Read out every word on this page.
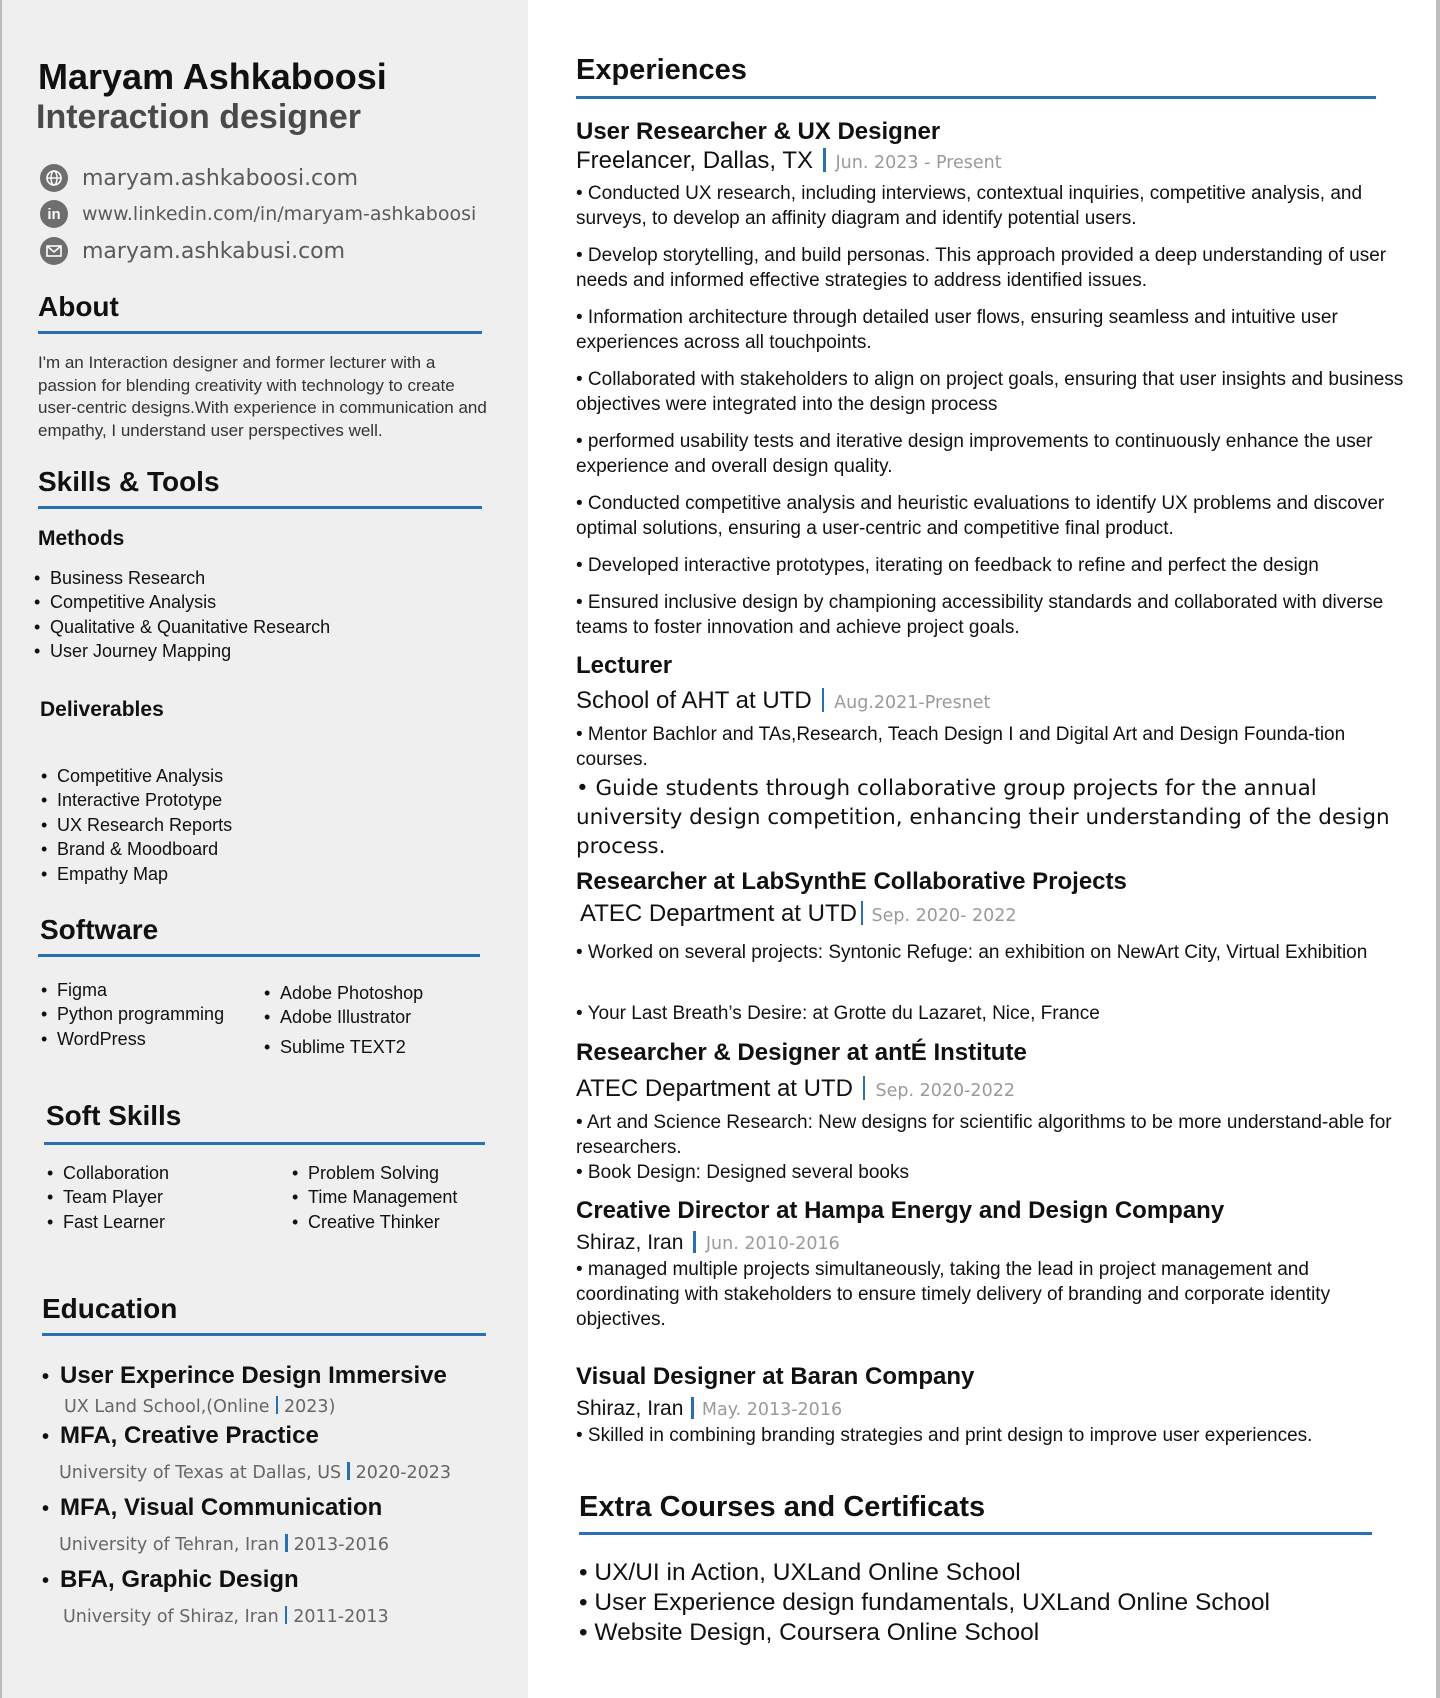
Maryam Ashkaboosi
Interaction designer
maryam.ashkaboosi.com
in	www.linkedin.com/in/maryam-ashkaboosi
maryam.ashkabusi.com
About
I'm an Interaction designer and former lecturer with a passion for blending creativity with technology to create user-centric designs.With experience in communication and empathy, I understand user perspectives well.
Skills & Tools
Methods
• Business Research
• Competitive Analysis
• Qualitative & Quanitative Research
• User Journey Mapping
Deliverables
• Competitive Analysis
• Interactive Prototype
• UX Research Reports
• Brand & Moodboard
• Empathy Map
Software
• Figma
• Python programming
• WordPress
• Adobe Photoshop
• Adobe Illustrator
• Sublime TEXT2
Soft Skills
• Collaboration
• Team Player
• Fast Learner
• Problem Solving
• Time Management
• Creative Thinker
Education
• User Experince Design Immersive
UX Land School,(Online 2023)
• MFA, Creative Practice
University of Texas at Dallas, US 2020-2023
• MFA, Visual Communication
University of Tehran, Iran 2013-2016
• BFA, Graphic Design
University of Shiraz, Iran 2011-2013
Experiences
User Researcher & UX Designer
Freelancer, Dallas, TX Jun. 2023 - Present
• Conducted UX research, including interviews, contextual inquiries, competitive analysis, and surveys, to develop an affinity diagram and identify potential users.
• Develop storytelling, and build personas. This approach provided a deep understanding of user needs and informed effective strategies to address identified issues.
• Information architecture through detailed user flows, ensuring seamless and intuitive user experiences across all touchpoints.
• Collaborated with stakeholders to align on project goals, ensuring that user insights and business objectives were integrated into the design process
• performed usability tests and iterative design improvements to continuously enhance the user experience and overall design quality.
• Conducted competitive analysis and heuristic evaluations to identify UX problems and discover optimal solutions, ensuring a user-centric and competitive final product.
• Developed interactive prototypes, iterating on feedback to refine and perfect the design
• Ensured inclusive design by championing accessibility standards and collaborated with diverse teams to foster innovation and achieve project goals.
Lecturer
School of AHT at UTD Aug.2021-Presnet
• Mentor Bachlor and TAs,Research, Teach Design I and Digital Art and Design Founda-tion courses.
• Guide students through collaborative group projects for the annual university design competition, enhancing their understanding of the design process.
Researcher at LabSynthE Collaborative Projects
ATEC Department at UTD Sep. 2020- 2022
• Worked on several projects: Syntonic Refuge: an exhibition on NewArt City, Virtual Exhibition
• Your Last Breath’s Desire: at Grotte du Lazaret, Nice, France
Researcher & Designer at antÉ Institute
ATEC Department at UTD Sep. 2020-2022
• Art and Science Research: New designs for scientific algorithms to be more understand-able for researchers.
• Book Design: Designed several books
Creative Director at Hampa Energy and Design Company
Shiraz, Iran Jun. 2010-2016
• managed multiple projects simultaneously, taking the lead in project management and coordinating with stakeholders to ensure timely delivery of branding and corporate identity objectives.
Visual Designer at Baran Company
Shiraz, Iran May. 2013-2016
• Skilled in combining branding strategies and print design to improve user experiences.
Extra Courses and Certificats
• UX/UI in Action, UXLand Online School
• User Experience design fundamentals, UXLand Online School
• Website Design, Coursera Online School
